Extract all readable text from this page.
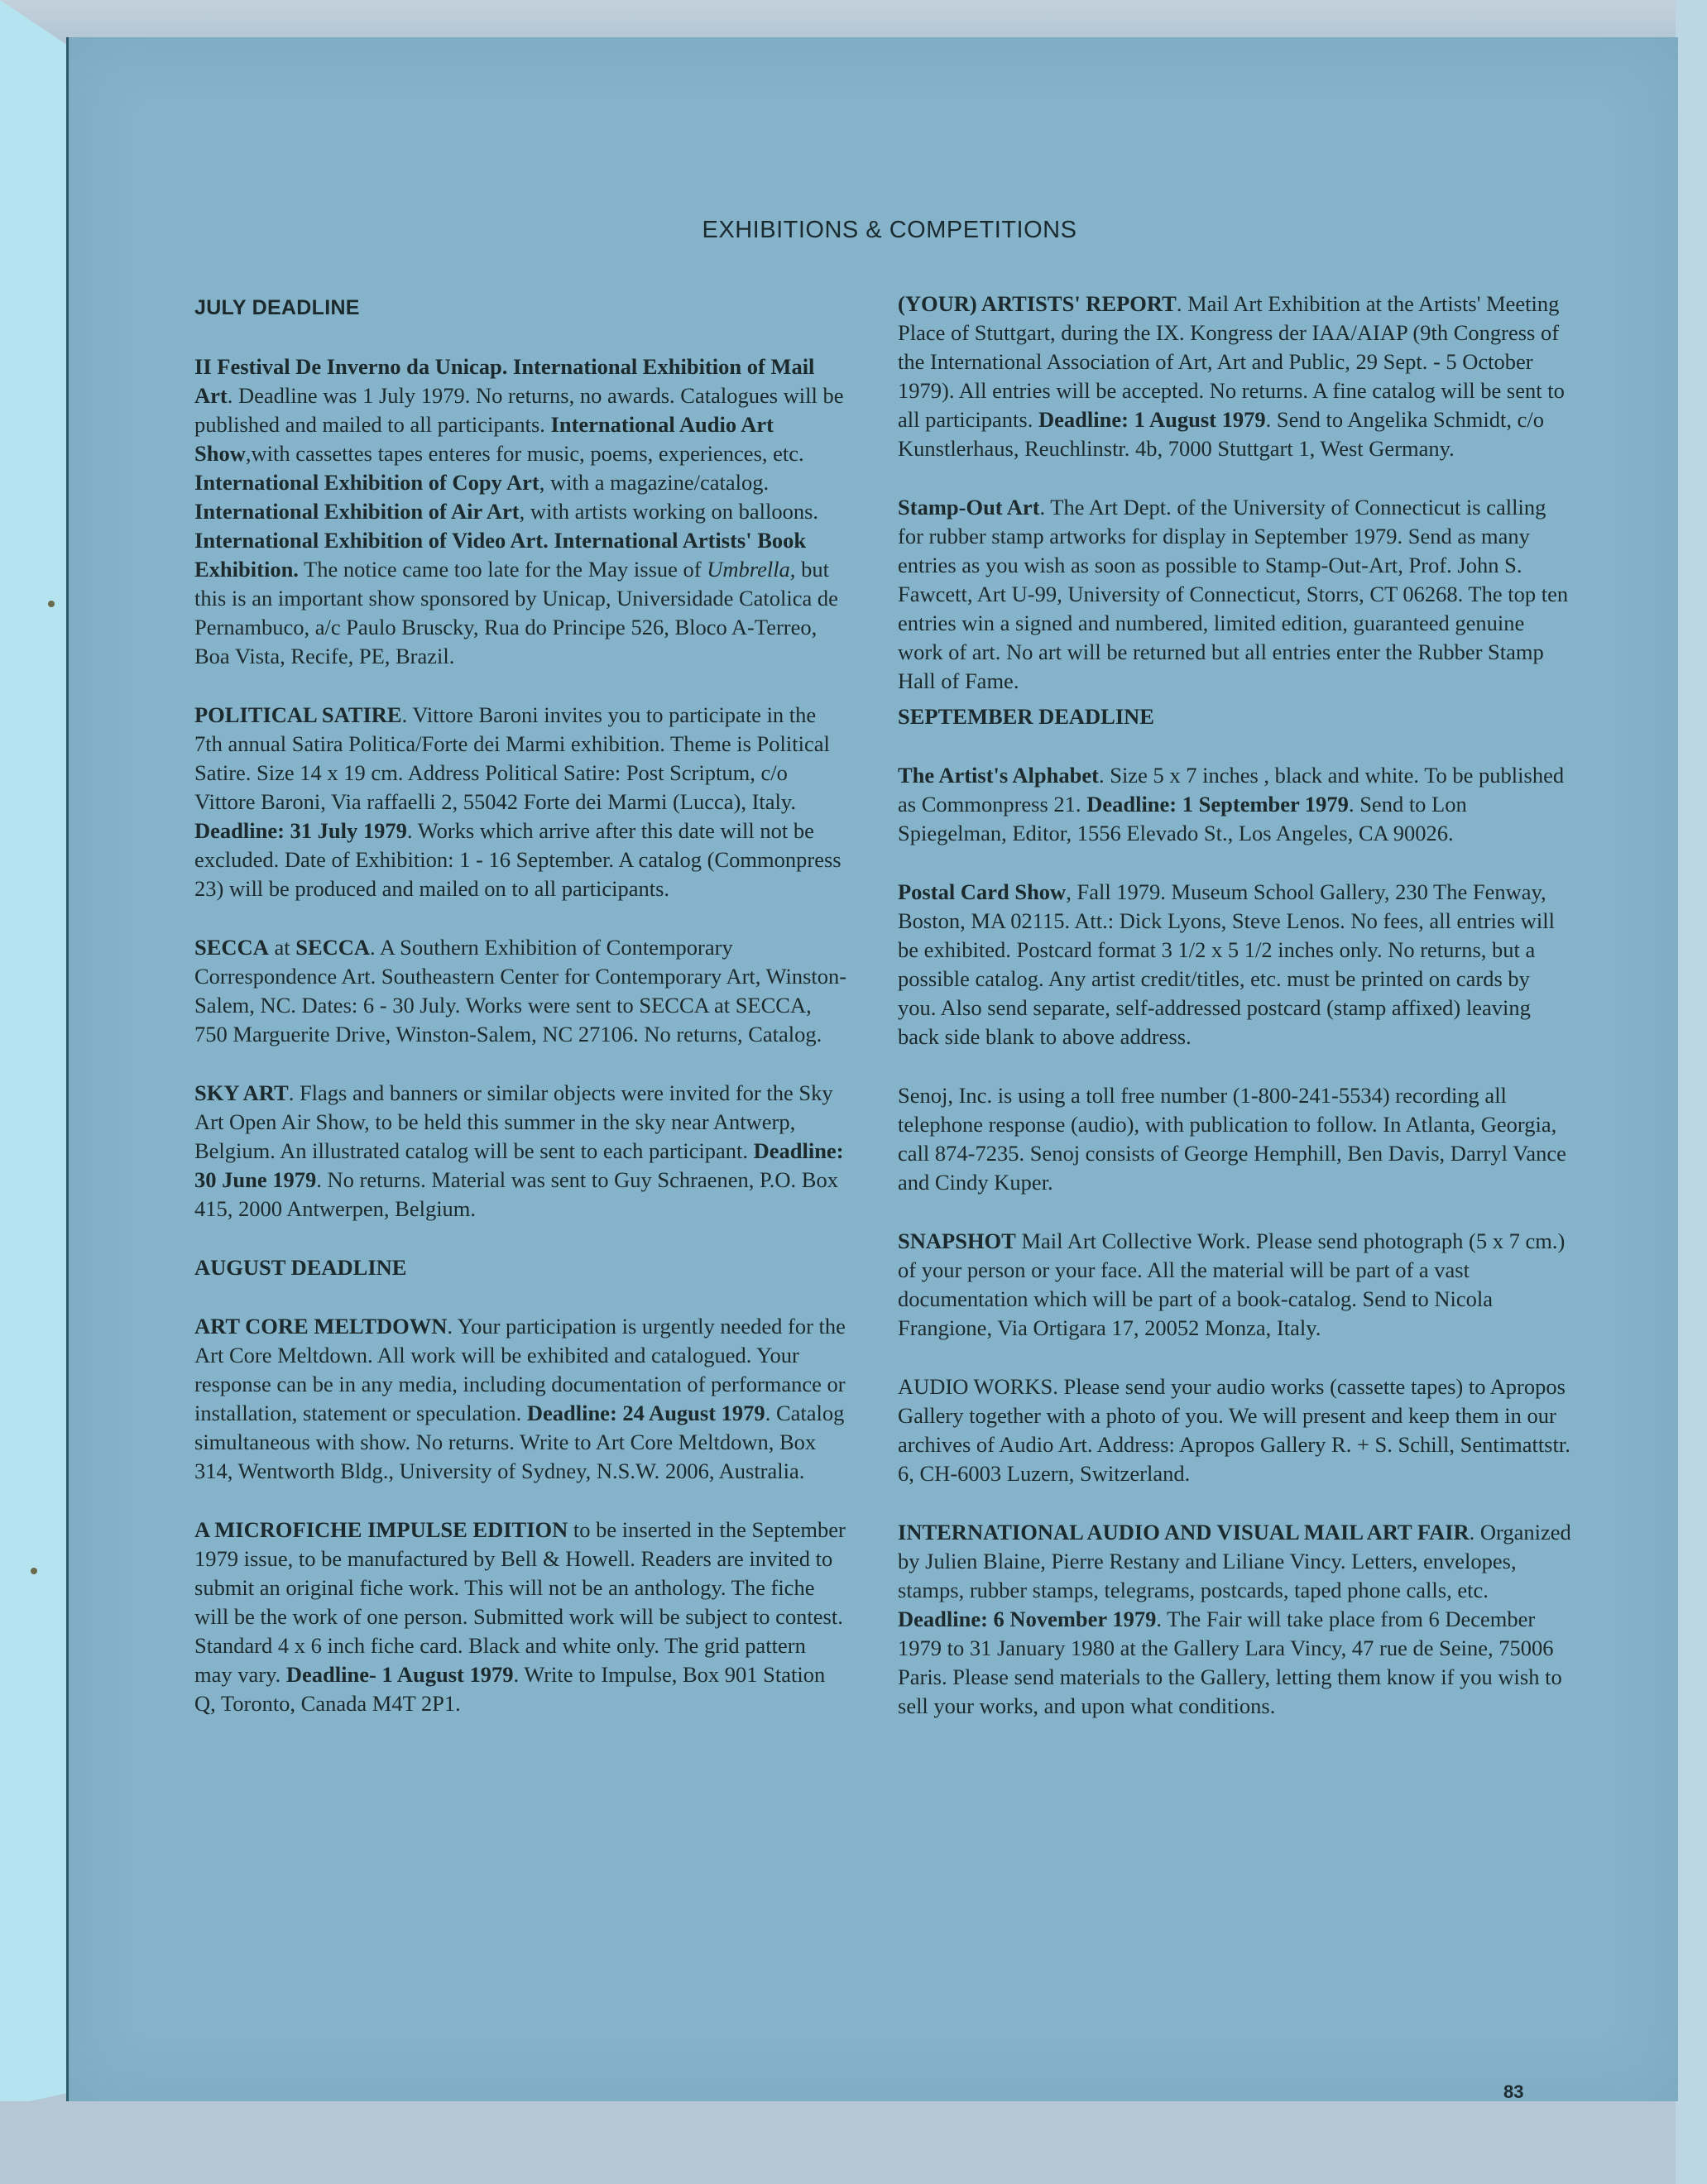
EXHIBITIONS & COMPETITIONS
JULY DEADLINE

II Festival De Inverno da Unicap. International Exhibition of Mail Art. Deadline was 1 July 1979. No returns, no awards. Catalogues will be published and mailed to all participants. International Audio Art Show,with cassettes tapes enteres for music, poems, experiences, etc. International Exhibition of Copy Art, with a magazine/catalog. International Exhibition of Air Art, with artists working on balloons. International Exhibition of Video Art. International Artists' Book Exhibition. The notice came too late for the May issue of Umbrella, but this is an important show sponsored by Unicap, Universidade Catolica de Pernambuco, a/c Paulo Bruscky, Rua do Principe 526, Bloco A-Terreo, Boa Vista, Recife, PE, Brazil.

POLITICAL SATIRE. Vittore Baroni invites you to participate in the 7th annual Satira Politica/Forte dei Marmi exhibition. Theme is Political Satire. Size 14 x 19 cm. Address Political Satire: Post Scriptum, c/o Vittore Baroni, Via raffaelli 2, 55042 Forte dei Marmi (Lucca), Italy. Deadline: 31 July 1979. Works which arrive after this date will not be excluded. Date of Exhibition: 1 - 16 September. A catalog (Commonpress 23) will be produced and mailed on to all participants.

SECCA at SECCA. A Southern Exhibition of Contemporary Correspondence Art. Southeastern Center for Contemporary Art, Winston-Salem, NC. Dates: 6 - 30 July. Works were sent to SECCA at SECCA, 750 Marguerite Drive, Winston-Salem, NC 27106. No returns, Catalog.

SKY ART. Flags and banners or similar objects were invited for the Sky Art Open Air Show, to be held this summer in the sky near Antwerp, Belgium. An illustrated catalog will be sent to each participant. Deadline: 30 June 1979. No returns. Material was sent to Guy Schraenen, P.O. Box 415, 2000 Antwerpen, Belgium.

AUGUST DEADLINE

ART CORE MELTDOWN. Your participation is urgently needed for the Art Core Meltdown. All work will be exhibited and catalogued. Your response can be in any media, including documentation of performance or installation, statement or speculation. Deadline: 24 August 1979. Catalog simultaneous with show. No returns. Write to Art Core Meltdown, Box 314, Wentworth Bldg., University of Sydney, N.S.W. 2006, Australia.

A MICROFICHE IMPULSE EDITION to be inserted in the September 1979 issue, to be manufactured by Bell & Howell. Readers are invited to submit an original fiche work. This will not be an anthology. The fiche will be the work of one person. Submitted work will be subject to contest. Standard 4 x 6 inch fiche card. Black and white only. The grid pattern may vary. Deadline- 1 August 1979. Write to Impulse, Box 901 Station Q, Toronto, Canada M4T 2P1.

(YOUR) ARTISTS' REPORT. Mail Art Exhibition at the Artists' Meeting Place of Stuttgart, during the IX. Kongress der IAA/AIAP (9th Congress of the International Association of Art, Art and Public, 29 Sept. - 5 October 1979). All entries will be accepted. No returns. A fine catalog will be sent to all participants. Deadline: 1 August 1979. Send to Angelika Schmidt, c/o Kunstlerhaus, Reuchlinstr. 4b, 7000 Stuttgart 1, West Germany.

Stamp-Out Art. The Art Dept. of the University of Connecticut is calling for rubber stamp artworks for display in September 1979. Send as many entries as you wish as soon as possible to Stamp-Out-Art, Prof. John S. Fawcett, Art U-99, University of Connecticut, Storrs, CT 06268. The top ten entries win a signed and numbered, limited edition, guaranteed genuine work of art. No art will be returned but all entries enter the Rubber Stamp Hall of Fame.

SEPTEMBER DEADLINE

The Artist's Alphabet. Size 5 x 7 inches , black and white. To be published as Commonpress 21. Deadline: 1 September 1979. Send to Lon Spiegelman, Editor, 1556 Elevado St., Los Angeles, CA 90026.

Postal Card Show, Fall 1979. Museum School Gallery, 230 The Fenway, Boston, MA 02115. Att.: Dick Lyons, Steve Lenos. No fees, all entries will be exhibited. Postcard format 3 1/2 x 5 1/2 inches only. No returns, but a possible catalog. Any artist credit/titles, etc. must be printed on cards by you. Also send separate, self-addressed postcard (stamp affixed) leaving back side blank to above address.

Senoj, Inc. is using a toll free number (1-800-241-5534) recording all telephone response (audio), with publication to follow. In Atlanta, Georgia, call 874-7235. Senoj consists of George Hemphill, Ben Davis, Darryl Vance and Cindy Kuper.

SNAPSHOT Mail Art Collective Work. Please send photograph (5 x 7 cm.) of your person or your face. All the material will be part of a vast documentation which will be part of a book-catalog. Send to Nicola Frangione, Via Ortigara 17, 20052 Monza, Italy.

AUDIO WORKS. Please send your audio works (cassette tapes) to Apropos Gallery together with a photo of you. We will present and keep them in our archives of Audio Art. Address: Apropos Gallery R. + S. Schill, Sentimattstr. 6, CH-6003 Luzern, Switzerland.

INTERNATIONAL AUDIO AND VISUAL MAIL ART FAIR. Organized by Julien Blaine, Pierre Restany and Liliane Vincy. Letters, envelopes, stamps, rubber stamps, telegrams, postcards, taped phone calls, etc. Deadline: 6 November 1979. The Fair will take place from 6 December 1979 to 31 January 1980 at the Gallery Lara Vincy, 47 rue de Seine, 75006 Paris. Please send materials to the Gallery, letting them know if you wish to sell your works, and upon what conditions.

83
